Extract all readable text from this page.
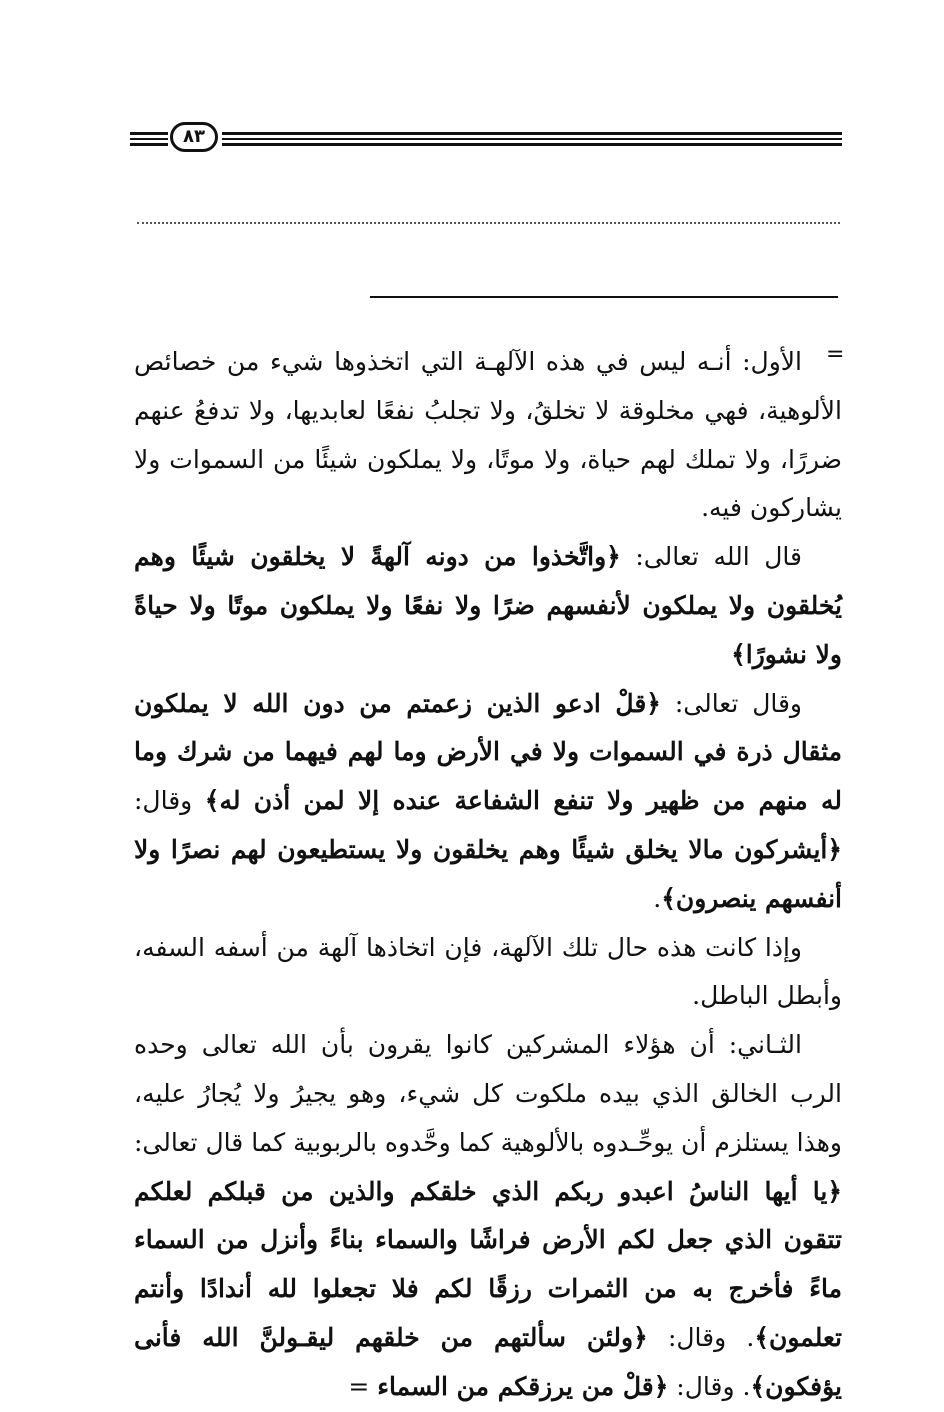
٨٣
=

الأول: أنـه ليس في هذه الآلهـة التي اتخذوها شيء من خصائص الألوهية، فهي مخلوقة لا تخلقُ، ولا تجلبُ نفعًا لعابديها، ولا تدفعُ عنهم ضررًا، ولا تملك لهم حياة، ولا موتًا، ولا يملكون شيئًا من السموات ولا يشاركون فيه.

قال الله تعالى: ﴿واتَّخذوا من دونه آلهةً لا يخلقون شيئًا وهم يُخلقون ولا يملكون لأنفسهم ضرًا ولا نفعًا ولا يملكون موتًا ولا حياةً ولا نشورًا﴾

وقال تعالى: ﴿قلْ ادعو الذين زعمتم من دون الله لا يملكون مثقال ذرة في السموات ولا في الأرض وما لهم فيهما من شرك وما له منهم من ظهير ولا تنفع الشفاعة عنده إلا لمن أذن له﴾ وقال: ﴿أيشركون مالا يخلق شيئًا وهم يخلقون ولا يستطيعون لهم نصرًا ولا أنفسهم ينصرون﴾.

وإذا كانت هذه حال تلك الآلهة، فإن اتخاذها آلهة من أسفه السفه، وأبطل الباطل.

الثـاني: أن هؤلاء المشركين كانوا يقرون بأن الله تعالى وحده الرب الخالق الذي بيده ملكوت كل شيء، وهو يجيرُ ولا يُجارُ عليه، وهذا يستلزم أن يوحِّـدوه بالألوهية كما وحَّدوه بالربوبية كما قال تعالى: ﴿يا أيها الناسُ اعبدو ربكم الذي خلقكم والذين من قبلكم لعلكم تتقون الذي جعل لكم الأرض فراشًا والسماء بناءً وأنزل من السماء ماءً فأخرج به من الثمرات رزقًا لكم فلا تجعلوا لله أندادًا وأنتم تعلمون﴾. وقال: ﴿ولئن سألتهم من خلقهم ليقـولنَّ الله فأنى يؤفكون﴾. وقال: ﴿قلْ من يرزقكم من السماء =
